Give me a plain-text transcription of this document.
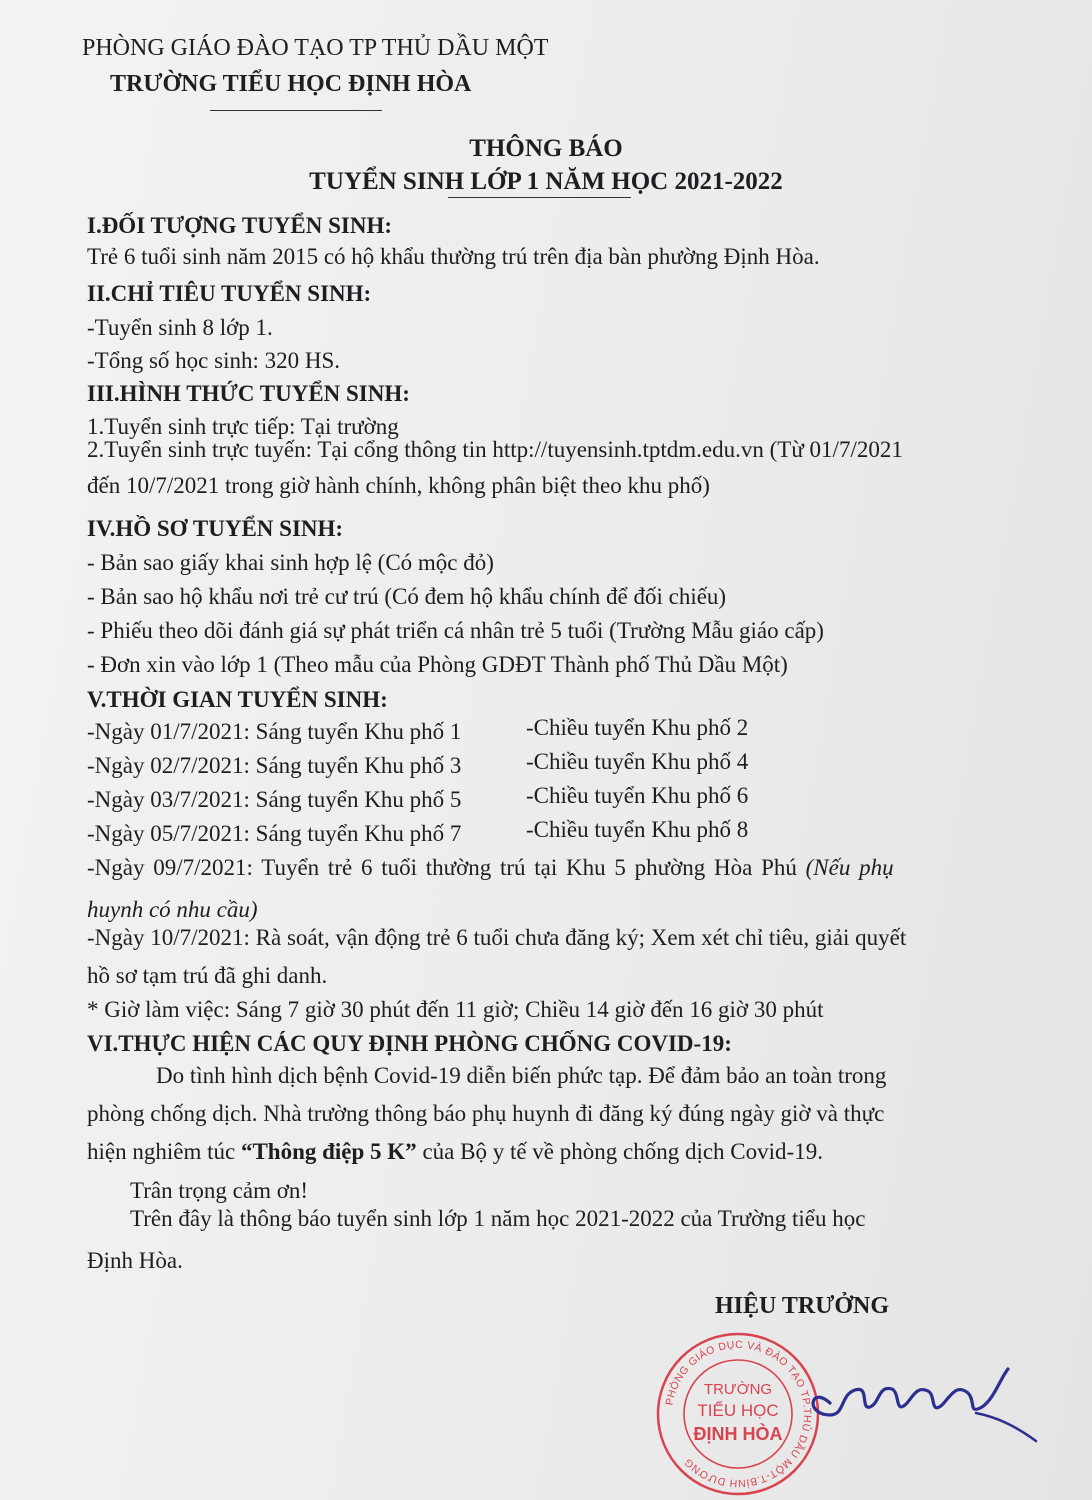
PHÒNG GIÁO ĐÀO TẠO TP THỦ DẦU MỘT
TRƯỜNG TIỂU HỌC ĐỊNH HÒA
THÔNG BÁO
TUYỂN SINH LỚP 1 NĂM HỌC 2021-2022
I.ĐỐI TƯỢNG TUYỂN SINH:
Trẻ 6 tuổi sinh năm 2015 có hộ khẩu thường trú trên địa bàn phường Định Hòa.
II.CHỈ TIÊU TUYỂN SINH:
-Tuyển sinh 8 lớp 1.
-Tổng số học sinh: 320 HS.
III.HÌNH THỨC TUYỂN SINH:
1.Tuyển sinh trực tiếp: Tại trường
2.Tuyển sinh trực tuyến: Tại cổng thông tin http://tuyensinh.tptdm.edu.vn (Từ 01/7/2021
đến 10/7/2021 trong giờ hành chính, không phân biệt theo khu phố)
IV.HỒ SƠ TUYỂN SINH:
- Bản sao giấy khai sinh hợp lệ (Có mộc đỏ)
- Bản sao hộ khẩu nơi trẻ cư trú (Có đem hộ khẩu chính để đối chiếu)
- Phiếu theo dõi đánh giá sự phát triển cá nhân trẻ 5 tuổi (Trường Mẫu giáo cấp)
- Đơn xin vào lớp 1 (Theo mẫu của Phòng GDĐT Thành phố Thủ Dầu Một)
V.THỜI GIAN TUYỂN SINH:
-Ngày 01/7/2021: Sáng tuyển Khu phố 1	-Chiều tuyển Khu phố 2
-Ngày 02/7/2021: Sáng tuyển Khu phố 3	-Chiều tuyển Khu phố 4
-Ngày 03/7/2021: Sáng tuyển Khu phố 5	-Chiều tuyển Khu phố 6
-Ngày 05/7/2021: Sáng tuyển Khu phố 7	-Chiều tuyển Khu phố 8
-Ngày 09/7/2021: Tuyển trẻ 6 tuổi thường trú tại Khu 5 phường Hòa Phú (Nếu phụ
huynh có nhu cầu)
-Ngày 10/7/2021: Rà soát, vận động trẻ 6 tuổi chưa đăng ký; Xem xét chỉ tiêu, giải quyết
hồ sơ tạm trú đã ghi danh.
* Giờ làm việc: Sáng 7 giờ 30 phút đến 11 giờ; Chiều 14 giờ đến 16 giờ 30 phút
VI.THỰC HIỆN CÁC QUY ĐỊNH PHÒNG CHỐNG COVID-19:
Do tình hình dịch bệnh Covid-19 diễn biến phức tạp. Để đảm bảo an toàn trong
phòng chống dịch. Nhà trường thông báo phụ huynh đi đăng ký đúng ngày giờ và thực
hiện nghiêm túc “Thông điệp 5 K” của Bộ y tế về phòng chống dịch Covid-19.
Trân trọng cảm ơn!
Trên đây là thông báo tuyển sinh lớp 1 năm học 2021-2022 của Trường tiểu học
Định Hòa.
HIỆU TRƯỞNG
PHÒNG GIÁO DỤC VÀ ĐÀO TẠO TP.THỦ DẦU MỘT-T.BÌNH DƯƠNG
TRƯỜNG
TIỂU HỌC
ĐỊNH HÒA
